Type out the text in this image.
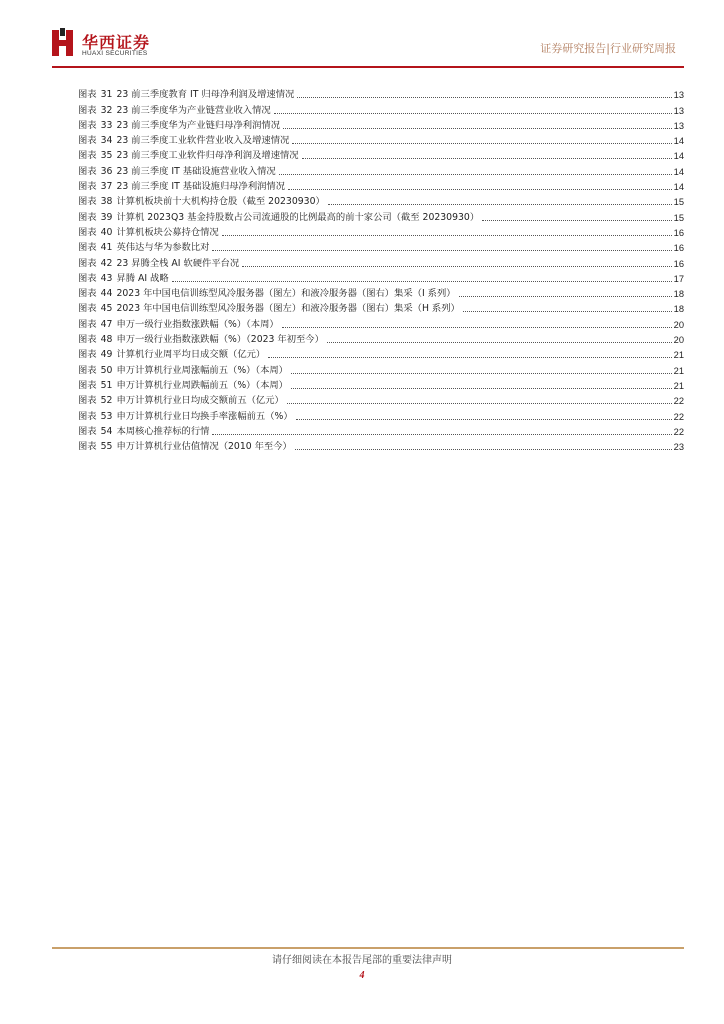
华西证券
HUAXI SECURITIES	证券研究报告|行业研究周报
图表 31 23 前三季度教育 IT 归母净利润及增速情况	13
图表 32 23 前三季度华为产业链营业收入情况	13
图表 33 23 前三季度华为产业链归母净利润情况	13
图表 34 23 前三季度工业软件营业收入及增速情况	14
图表 35 23 前三季度工业软件归母净利润及增速情况	14
图表 36 23 前三季度 IT 基础设施营业收入情况	14
图表 37 23 前三季度 IT 基础设施归母净利润情况	14
图表 38 计算机板块前十大机构持仓股（截至 20230930）	15
图表 39 计算机 2023Q3 基金持股数占公司流通股的比例最高的前十家公司（截至 20230930）	15
图表 40 计算机板块公募持仓情况	16
图表 41 英伟达与华为参数比对	16
图表 42 23 昇腾全栈 AI 软硬件平台况	16
图表 43 昇腾 AI 战略	17
图表 44 2023 年中国电信训练型风冷服务器（图左）和液冷服务器（图右）集采（I 系列）	18
图表 45 2023 年中国电信训练型风冷服务器（图左）和液冷服务器（图右）集采（H 系列）	18
图表 47 申万一级行业指数涨跌幅（%）（本周）	20
图表 48 申万一级行业指数涨跌幅（%）（2023 年初至今）	20
图表 49 计算机行业周平均日成交额（亿元）	21
图表 50 申万计算机行业周涨幅前五（%）（本周）	21
图表 51 申万计算机行业周跌幅前五（%）（本周）	21
图表 52 申万计算机行业日均成交额前五（亿元）	22
图表 53 申万计算机行业日均换手率涨幅前五（%）	22
图表 54 本周核心推荐标的行情	22
图表 55 申万计算机行业估值情况（2010 年至今）	23
请仔细阅读在本报告尾部的重要法律声明
4
